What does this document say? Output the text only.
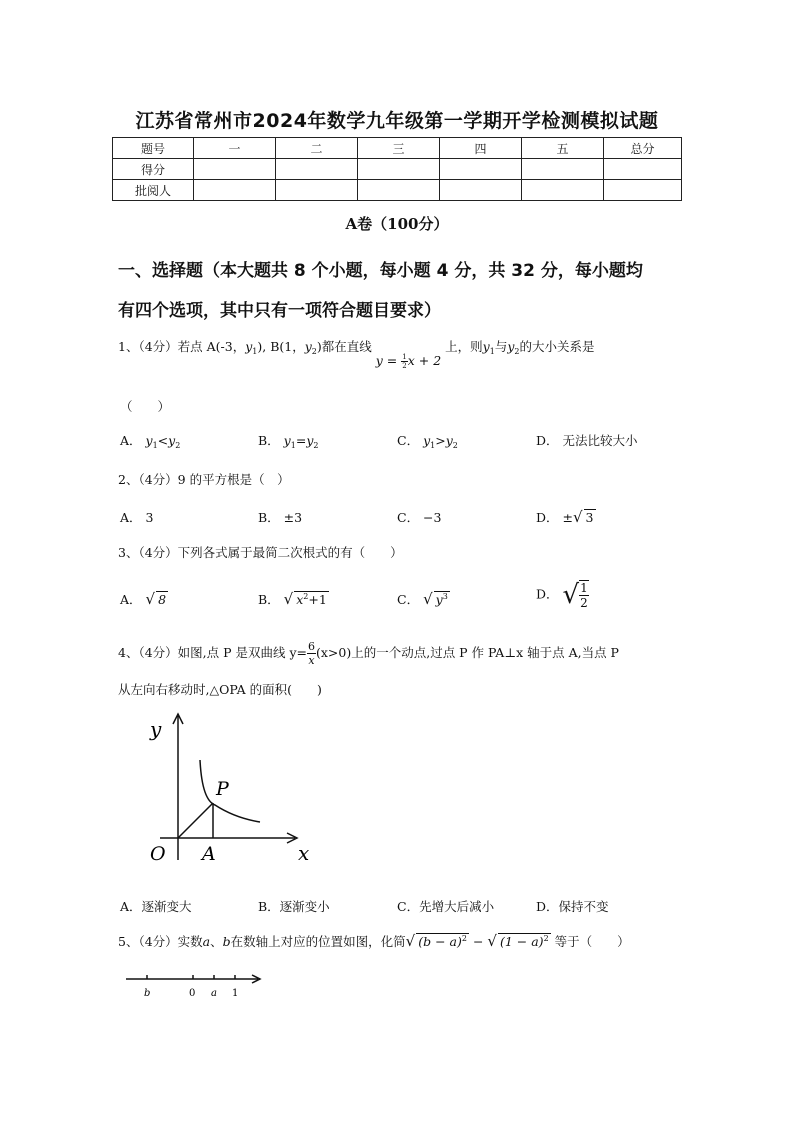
江苏省常州市2024年数学九年级第一学期开学检测模拟试题
题号	一	二	三	四	五	总分
得分						
批阅人						
A卷（100分）
一、选择题（本大题共 8 个小题，每小题 4 分，共 32 分，每小题均
有四个选项，其中只有一项符合题目要求）
1、（4分）若点 A(-3，$y_1$), B(1，$y_2$)都在直线 $y = \frac{1}{2}$ x + 2 上，则$y_1$与$y_2$的大小关系是
（　　）
A． $y_1<y_2$	B． $y_1=y_2$	C． $y_1>y_2$	D． 无法比较大小
2、（4分）9 的平方根是（　）
A． 3	B． ±3	C． −3	D． ±√ 3
3、（4分）下列各式属于最简二次根式的有（　　）
A． √ 8	B． √ $x^2+1$	C． √ $y^3$	D． √ $\frac{1}{2}$
4、（4分）如图,点 P 是双曲线 $y= \frac{6}{x} (x>0)$上的一个动点,过点 P 作 PA⊥x 轴于点 A,当点 P
从左向右移动时,△OPA 的面积(　　)
y
x
O A
P
A．逐渐变大	B．逐渐变小	C．先增大后减小	D．保持不变
5、（4分）实数a、b在数轴上对应的位置如图，化简√ $(b - a)^2$ − √ $(1 - a)^2$ 等于（　　）
b	0 a 1
